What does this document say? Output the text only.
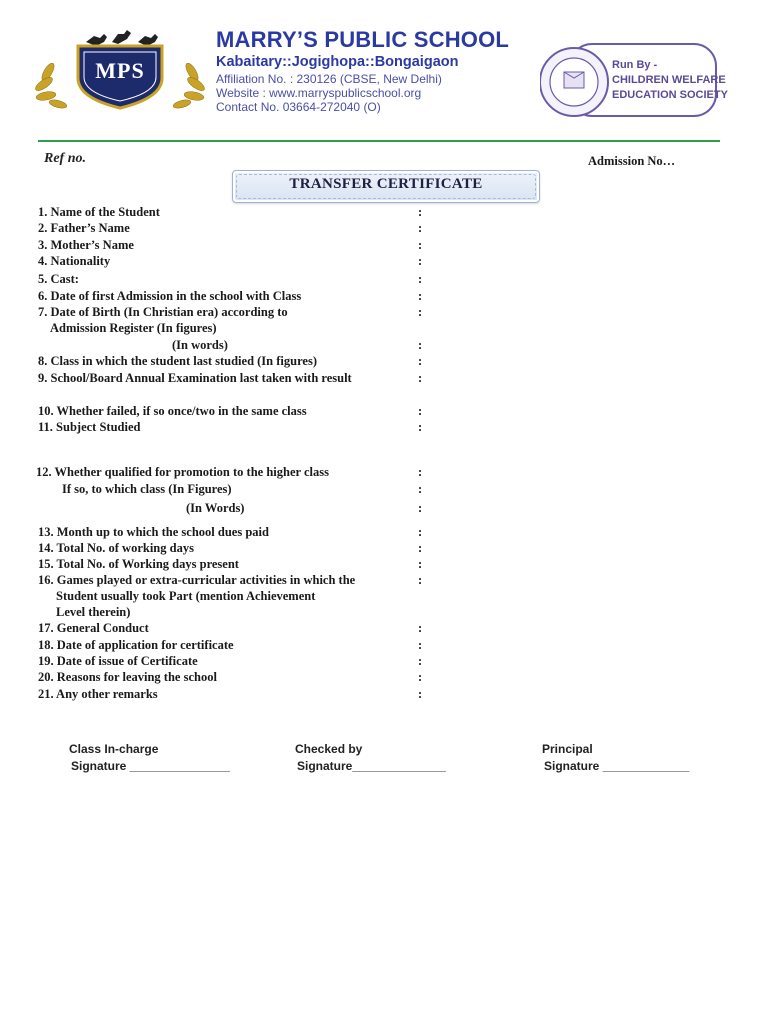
MPS
MARRY’S PUBLIC SCHOOL
Kabaitary::Jogighopa::Bongaigaon
Affiliation No. : 230126 (CBSE, New Delhi)
Website : www.marryspublicschool.org
Contact No. 03664-272040 (O)
Run By -
CHILDREN WELFARE
EDUCATION SOCIETY
Ref no.	Admission No…
TRANSFER CERTIFICATE
1. Name of the Student	:
2. Father’s Name	:
3. Mother’s Name	:
4. Nationality	:
5. Cast:	:
6. Date of first Admission in the school with Class	:
7. Date of Birth (In Christian era) according to	:
Admission Register (In figures)
(In words)	:
8. Class in which the student last studied (In figures)	:
9. School/Board Annual Examination last taken with result	:
10. Whether failed, if so once/two in the same class	:
11. Subject Studied	:
12. Whether qualified for promotion to the higher class	:
If so, to which class (In Figures)	:
(In Words)	:
13. Month up to which the school dues paid	:
14. Total No. of working days	:
15. Total No. of Working days present	:
16. Games played or extra-curricular activities in which the	:
Student usually took Part (mention Achievement
Level therein)
17. General Conduct	:
18. Date of application for certificate	:
19. Date of issue of Certificate	:
20. Reasons for leaving the school	:
21. Any other remarks	:
Class In-charge
Signature _______________
Checked by
Signature______________
Principal
Signature _____________
